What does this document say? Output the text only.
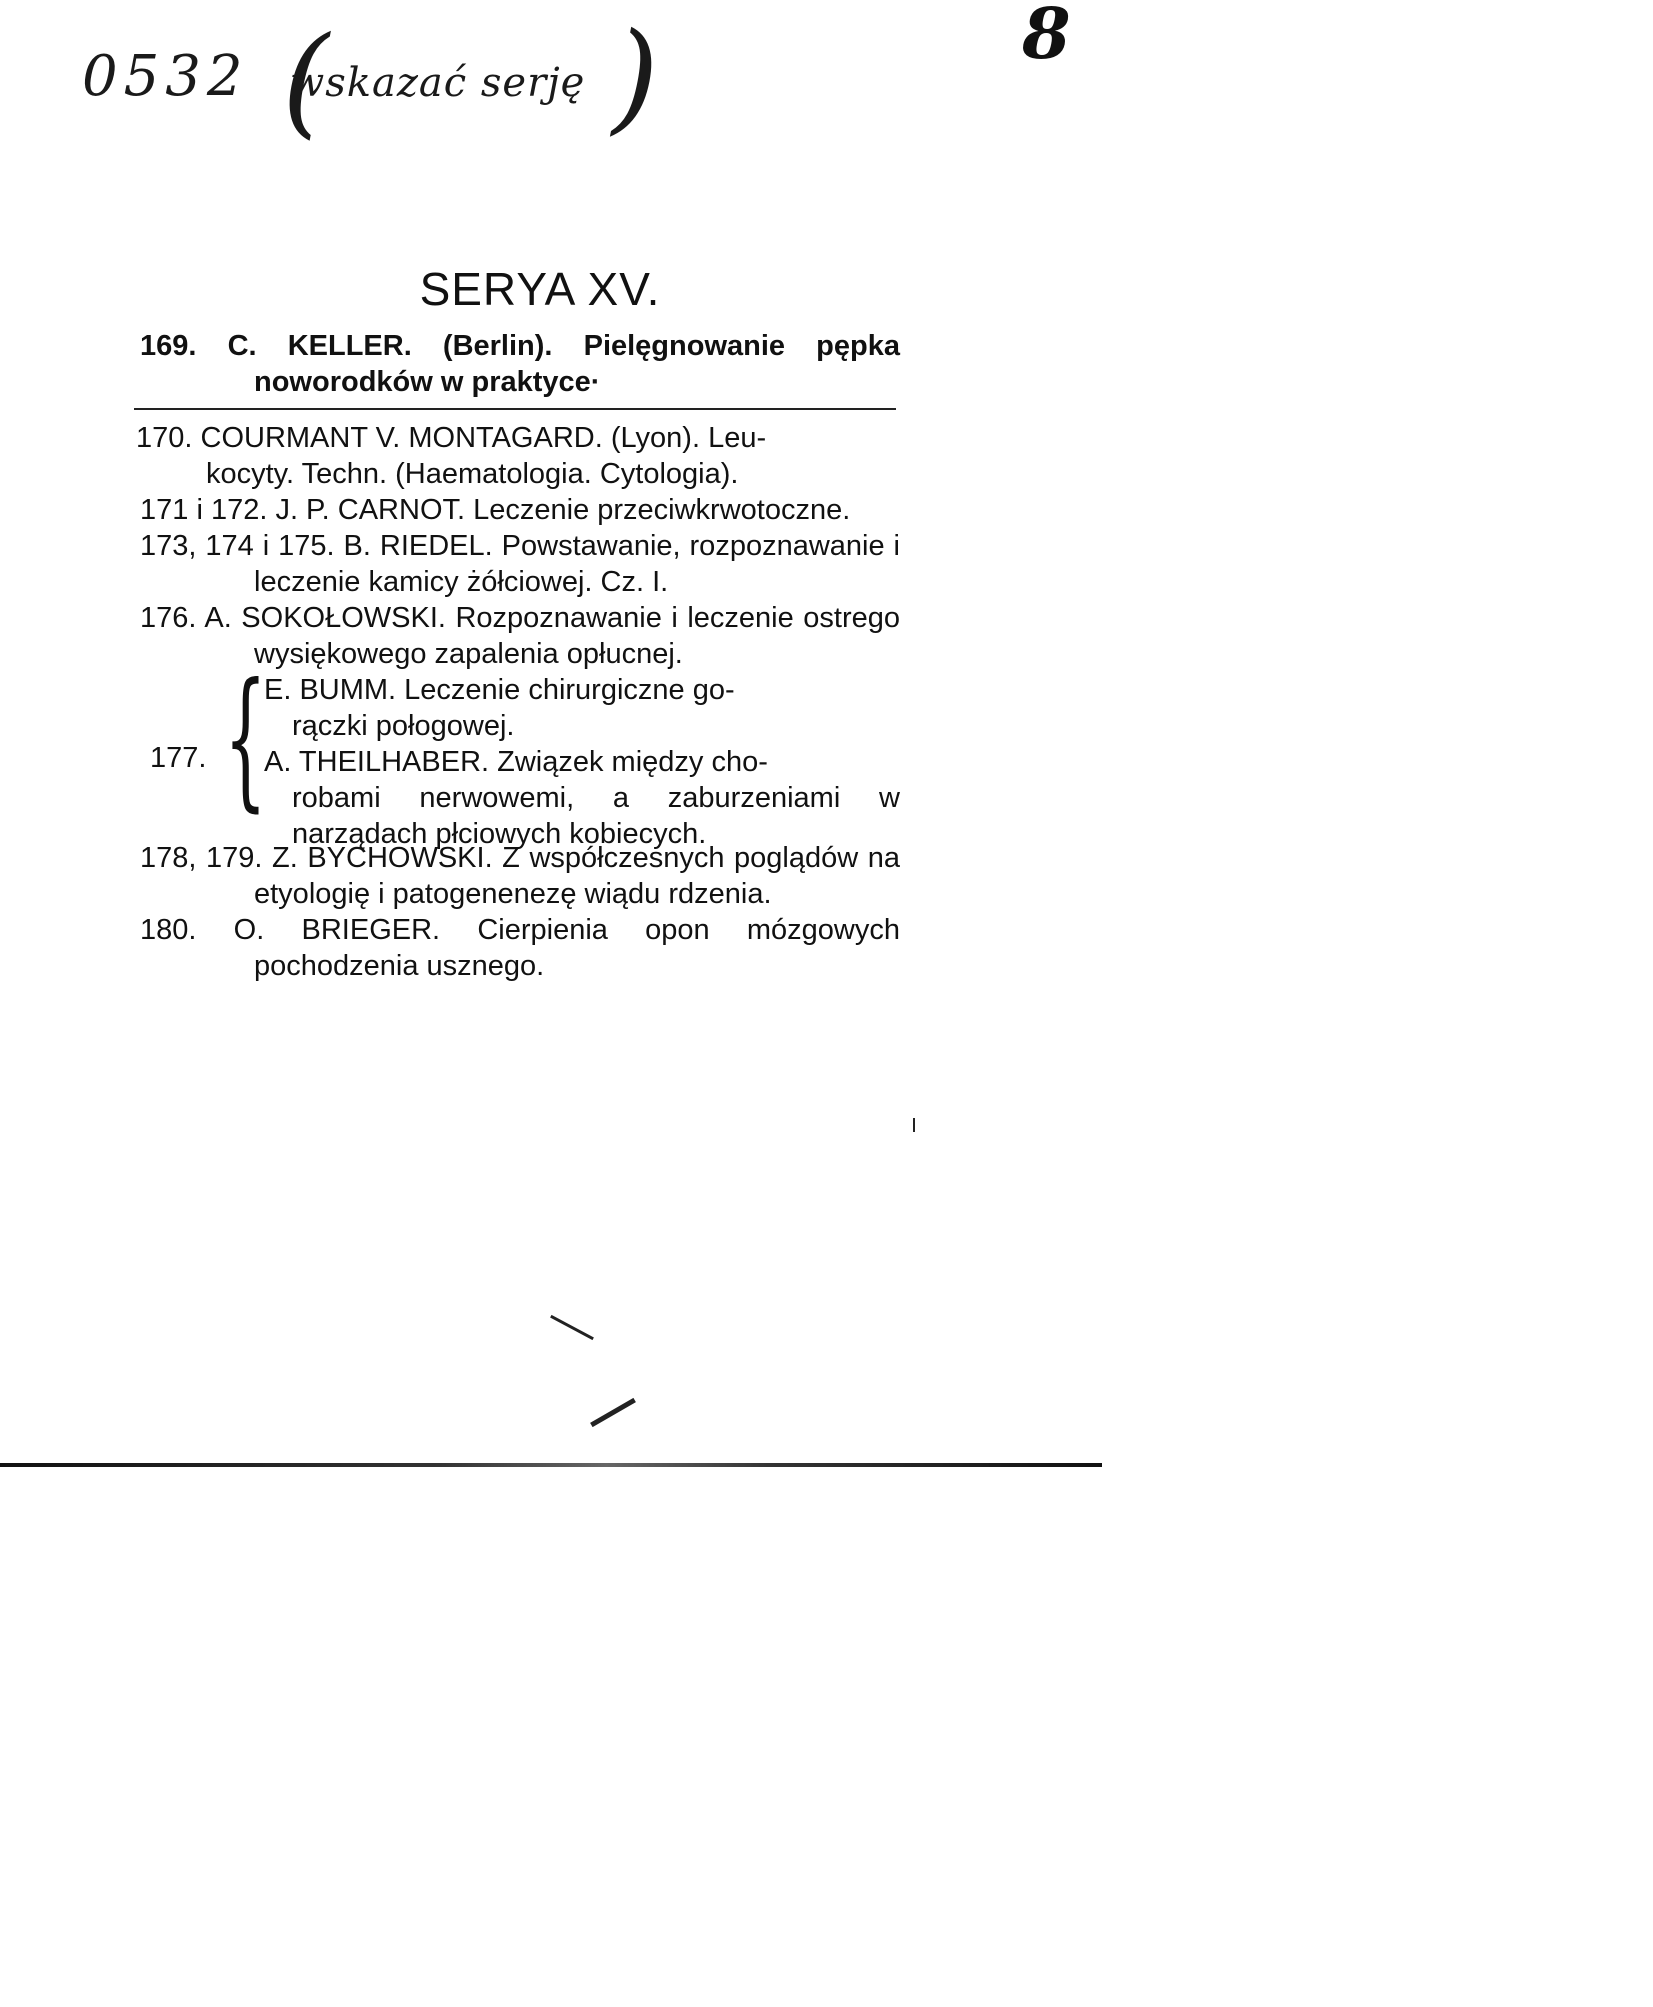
0532 (
wskazać serję )	8
SERYA XV.
169. C. KELLER. (Berlin). Pielęgnowanie pępka noworodków w praktyce·
170. COURMANT V. MONTAGARD. (Lyon). Leu-
kocyty. Techn. (Haematologia. Cytologia).
171 i 172. J. P. CARNOT. Leczenie przeciwkrwotoczne.
173, 174 i 175. B. RIEDEL. Powstawanie, rozpoznawanie i leczenie kamicy żółciowej. Cz. I.
176. A. SOKOŁOWSKI. Rozpoznawanie i leczenie ostrego wysiękowego zapalenia opłucnej.
177. {
E. BUMM. Leczenie chirurgiczne go-
rączki połogowej.
A. THEILHABER. Związek między cho-
robami nerwowemi, a zaburzeniami w narządach płciowych kobiecych.
178, 179. Z. BYCHOWSKI. Z współczesnych poglądów na etyologię i patogenenezę wiądu rdzenia.
180. O. BRIEGER. Cierpienia opon mózgowych pochodzenia usznego.
